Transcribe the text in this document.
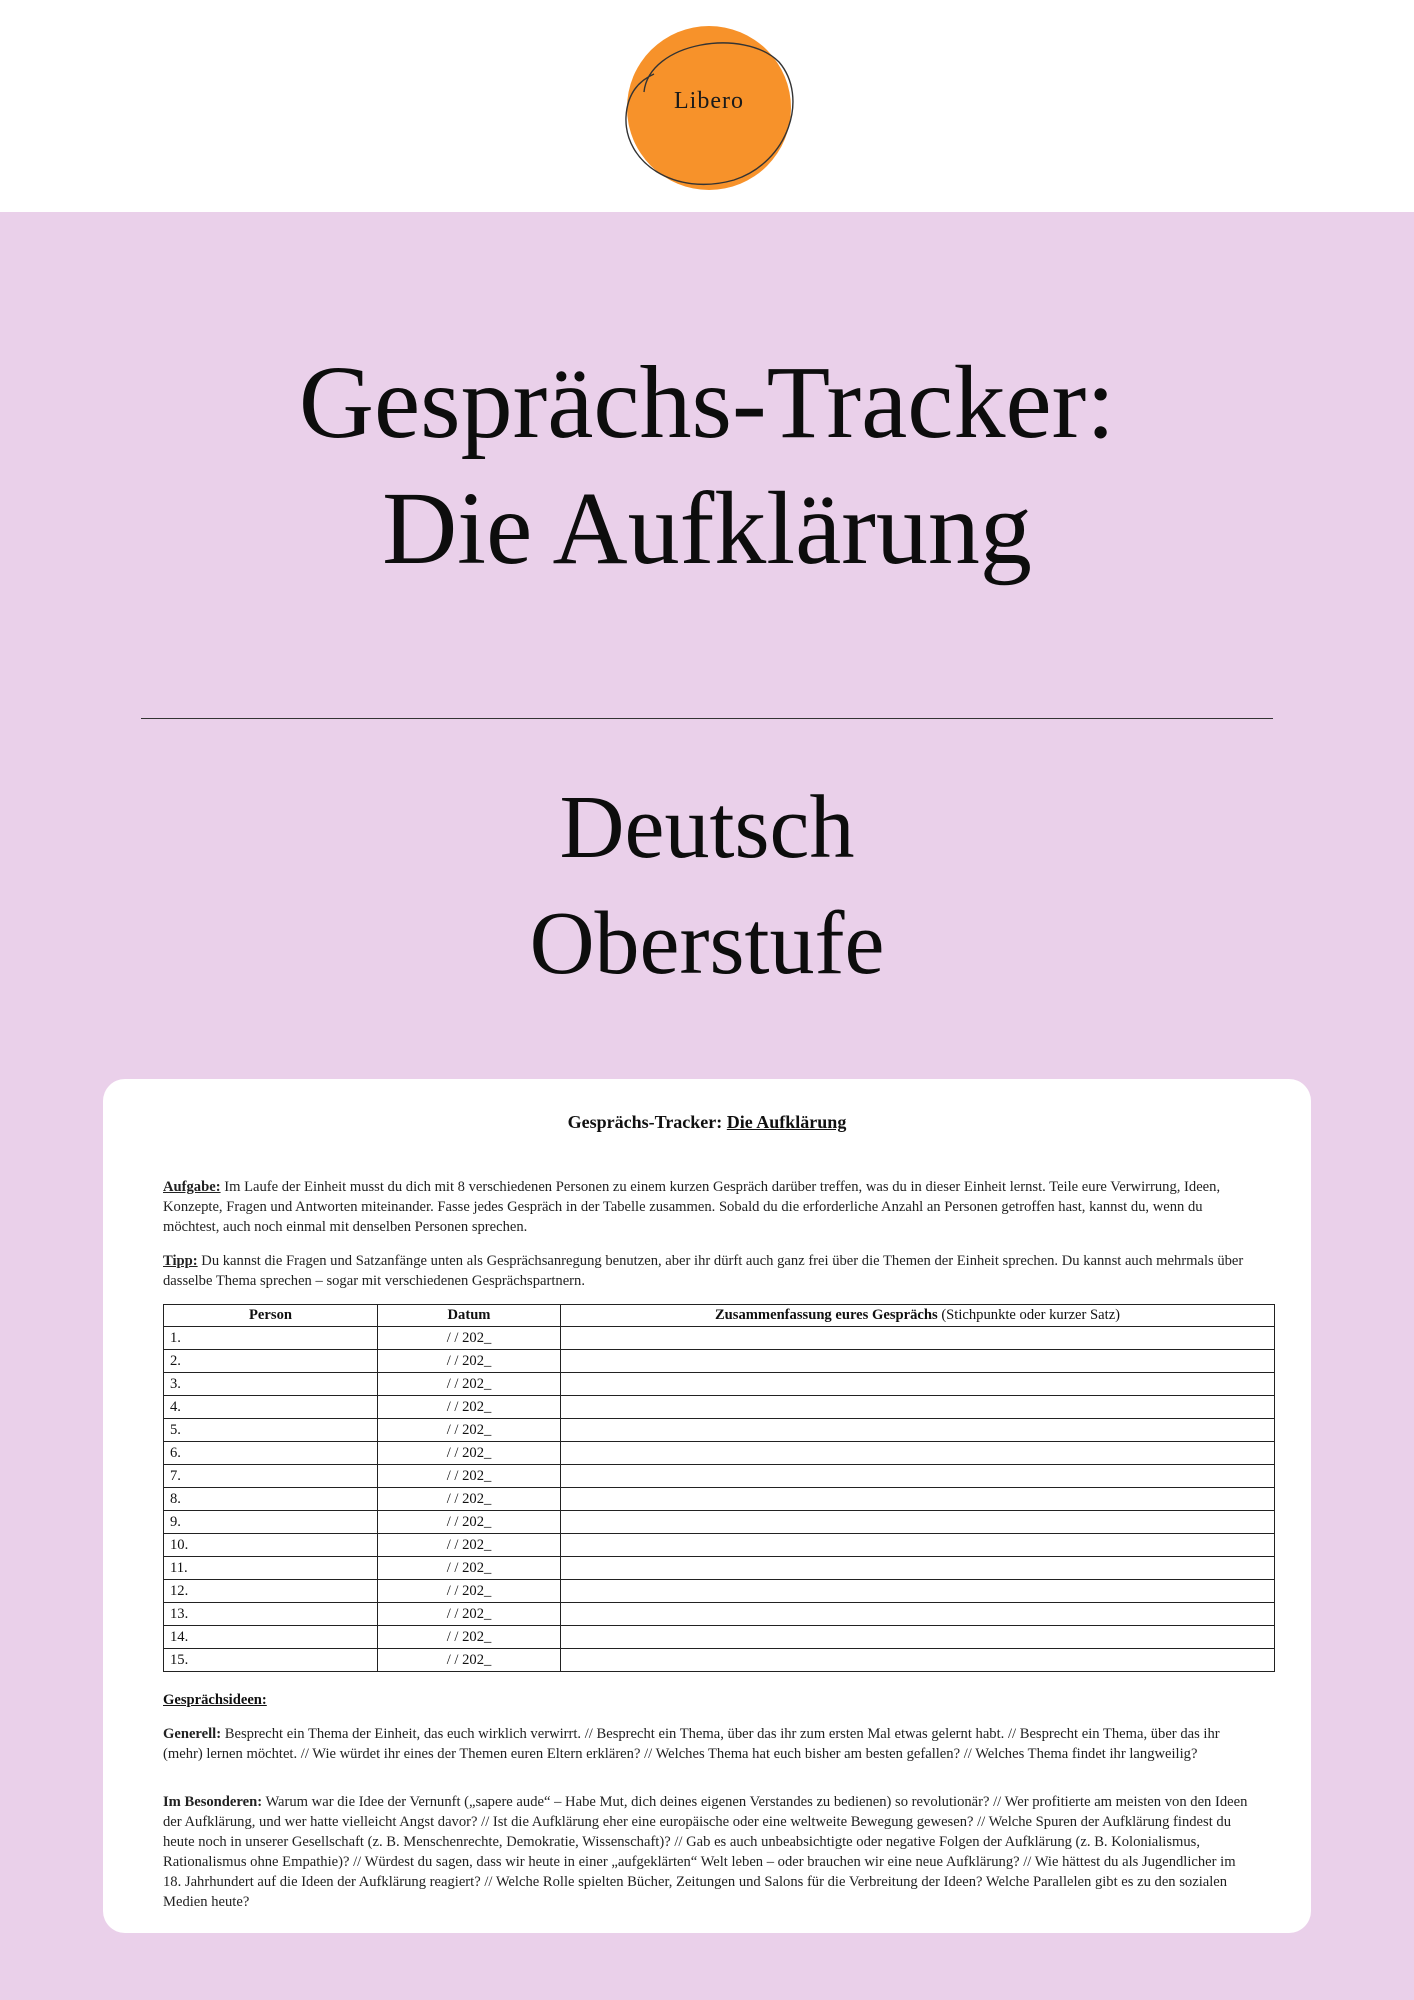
Libero
Gesprächs-Tracker:
Die Aufklärung
Deutsch
Oberstufe
Gesprächs-Tracker: Die Aufklärung
Aufgabe: Im Laufe der Einheit musst du dich mit 8 verschiedenen Personen zu einem kurzen Gespräch darüber treffen, was du in dieser Einheit lernst. Teile eure Verwirrung, Ideen, Konzepte, Fragen und Antworten miteinander. Fasse jedes Gespräch in der Tabelle zusammen. Sobald du die erforderliche Anzahl an Personen getroffen hast, kannst du, wenn du möchtest, auch noch einmal mit denselben Personen sprechen.
Tipp: Du kannst die Fragen und Satzanfänge unten als Gesprächsanregung benutzen, aber ihr dürft auch ganz frei über die Themen der Einheit sprechen. Du kannst auch mehrmals über dasselbe Thema sprechen – sogar mit verschiedenen Gesprächspartnern.
Person	Datum	Zusammenfassung eures Gesprächs (Stichpunkte oder kurzer Satz)
1.	/ / 202_	
2.	/ / 202_	
3.	/ / 202_	
4.	/ / 202_	
5.	/ / 202_	
6.	/ / 202_	
7.	/ / 202_	
8.	/ / 202_	
9.	/ / 202_	
10.	/ / 202_	
11.	/ / 202_	
12.	/ / 202_	
13.	/ / 202_	
14.	/ / 202_	
15.	/ / 202_	
Gesprächsideen:
Generell: Besprecht ein Thema der Einheit, das euch wirklich verwirrt. // Besprecht ein Thema, über das ihr zum ersten Mal etwas gelernt habt. // Besprecht ein Thema, über das ihr (mehr) lernen möchtet. // Wie würdet ihr eines der Themen euren Eltern erklären? // Welches Thema hat euch bisher am besten gefallen? // Welches Thema findet ihr langweilig?
Im Besonderen: Warum war die Idee der Vernunft („sapere aude“ – Habe Mut, dich deines eigenen Verstandes zu bedienen) so revolutionär? // Wer profitierte am meisten von den Ideen der Aufklärung, und wer hatte vielleicht Angst davor? // Ist die Aufklärung eher eine europäische oder eine weltweite Bewegung gewesen? // Welche Spuren der Aufklärung findest du heute noch in unserer Gesellschaft (z. B. Menschenrechte, Demokratie, Wissenschaft)? // Gab es auch unbeabsichtigte oder negative Folgen der Aufklärung (z. B. Kolonialismus, Rationalismus ohne Empathie)? // Würdest du sagen, dass wir heute in einer „aufgeklärten“ Welt leben – oder brauchen wir eine neue Aufklärung? // Wie hättest du als Jugendlicher im 18. Jahrhundert auf die Ideen der Aufklärung reagiert? // Welche Rolle spielten Bücher, Zeitungen und Salons für die Verbreitung der Ideen? Welche Parallelen gibt es zu den sozialen Medien heute?
